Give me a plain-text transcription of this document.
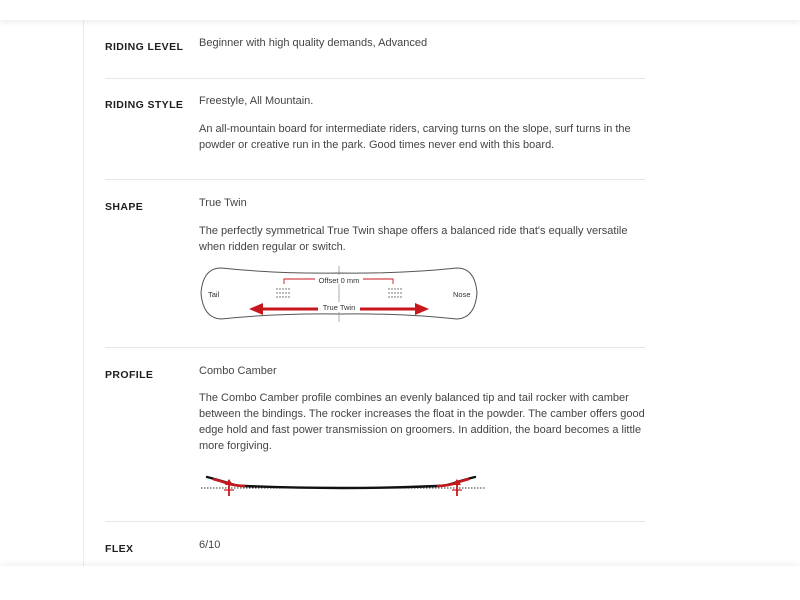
RIDING LEVEL Beginner with high quality demands, Advanced
RIDING STYLE Freestyle, All Mountain.
An all-mountain board for intermediate riders, carving turns on the slope, surf turns in the powder or creative run in the park. Good times never end with this board.
SHAPE	True Twin
The perfectly symmetrical True Twin shape offers a balanced ride that's equally versatile when ridden regular or switch.
Offset 0 mm
True Twin
Tail	Nose
PROFILE	Combo Camber
The Combo Camber profile combines an evenly balanced tip and tail rocker with camber between the bindings. The rocker increases the float in the powder. The camber offers good edge hold and fast power transmission on groomers. In addition, the board becomes a little more forgiving.
FLEX	6/10
